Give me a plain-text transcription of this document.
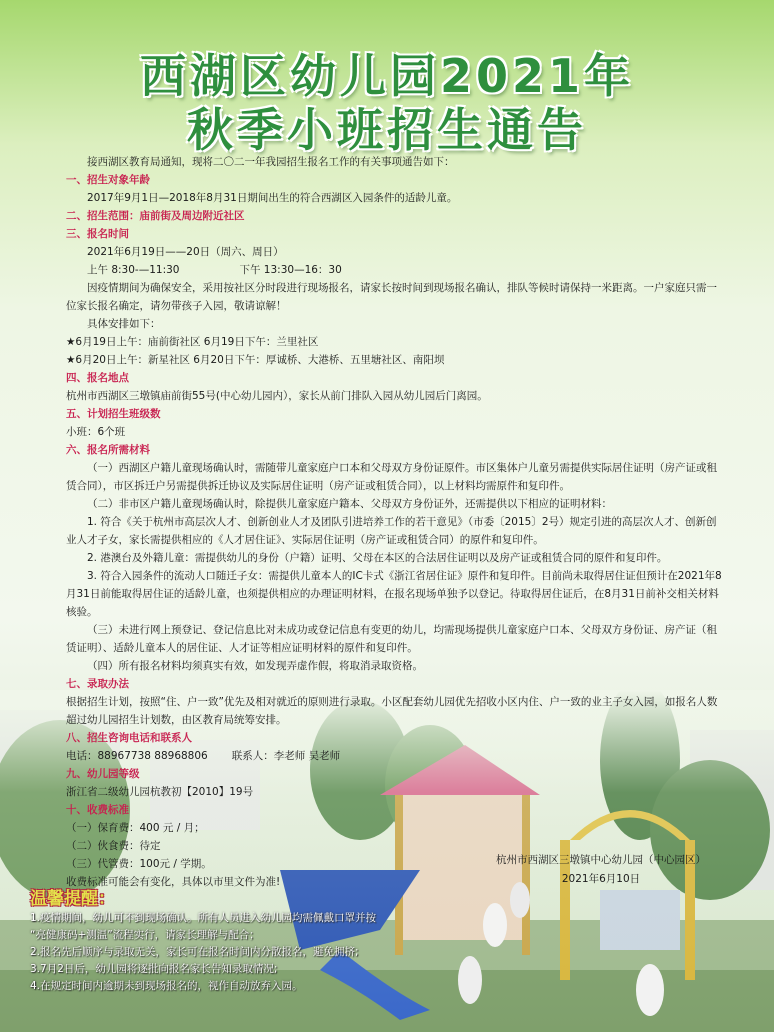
西湖区幼儿园2021年
秋季小班招生通告

接西湖区教育局通知，现将二〇二一年我园招生报名工作的有关事项通告如下：

一、招生对象年龄

2017年9月1日—2018年8月31日期间出生的符合西湖区入园条件的适龄儿童。

二、招生范围：庙前街及周边附近社区

三、报名时间

2021年6月19日——20日（周六、周日）

上午 8:30-—11:30	下午 13:30—16：30

因疫情期间为确保安全，采用按社区分时段进行现场报名，请家长按时间到现场报名确认，排队等候时请保持一米距离。一户家庭只需一位家长报名确定，请勿带孩子入园，敬请谅解！

具体安排如下：

★6月19日上午：庙前街社区 6月19日下午：兰里社区

★6月20日上午：新星社区 6月20日下午：厚诚桥、大港桥、五里塘社区、南阳坝

四、报名地点

杭州市西湖区三墩镇庙前街55号(中心幼儿园内），家长从前门排队入园从幼儿园后门离园。

五、计划招生班级数

小班：6个班

六、报名所需材料

（一）西湖区户籍儿童现场确认时，需随带儿童家庭户口本和父母双方身份证原件。市区集体户儿童另需提供实际居住证明（房产证或租赁合同），市区拆迁户另需提供拆迁协议及实际居住证明（房产证或租赁合同），以上材料均需原件和复印件。

（二）非市区户籍儿童现场确认时，除提供儿童家庭户籍本、父母双方身份证外，还需提供以下相应的证明材料：

1. 符合《关于杭州市高层次人才、创新创业人才及团队引进培养工作的若干意见》（市委〔2015〕2号）规定引进的高层次人才、创新创业人才子女，家长需提供相应的《人才居住证》、实际居住证明（房产证或租赁合同）的原件和复印件。

2. 港澳台及外籍儿童：需提供幼儿的身份（户籍）证明、父母在本区的合法居住证明以及房产证或租赁合同的原件和复印件。

3. 符合入园条件的流动人口随迁子女：需提供儿童本人的IC卡式《浙江省居住证》原件和复印件。目前尚未取得居住证但预计在2021年8月31日前能取得居住证的适龄儿童，也须提供相应的办理证明材料，在报名现场单独予以登记。待取得居住证后，在8月31日前补交相关材料核验。

（三）未进行网上预登记、登记信息比对未成功或登记信息有变更的幼儿，均需现场提供儿童家庭户口本、父母双方身份证、房产证（租赁证明）、适龄儿童本人的居住证、人才证等相应证明材料的原件和复印件。

（四）所有报名材料均须真实有效，如发现弄虚作假，将取消录取资格。

七、录取办法

根据招生计划，按照“住、户一致”优先及相对就近的原则进行录取。小区配套幼儿园优先招收小区内住、户一致的业主子女入园，如报名人数超过幼儿园招生计划数，由区教育局统筹安排。

八、招生咨询电话和联系人

电话：88967738 88968806 联系人：李老师 吴老师

九、幼儿园等级

浙江省二级幼儿园杭教初【2010】19号

十、收费标准

（一）保育费：400 元 / 月；

（二）伙食费：待定

（三）代管费：100元 / 学期。

收费标准可能会有变化，具体以市里文件为准!

杭州市西湖区三墩镇中心幼儿园（中心园区）
2021年6月10日
温馨提醒：

1.疫情期间，幼儿可不到现场确认。所有人员进入幼儿园均需佩戴口罩并按

“亮健康码+测温”流程实行，请家长理解与配合；

2.报名先后顺序与录取无关，家长可在报名时间内分散报名，避免拥挤;

3.7月2日后，幼儿园将逐批向报名家长告知录取情况;

4.在规定时间内逾期未到现场报名的，视作自动放弃入园。
